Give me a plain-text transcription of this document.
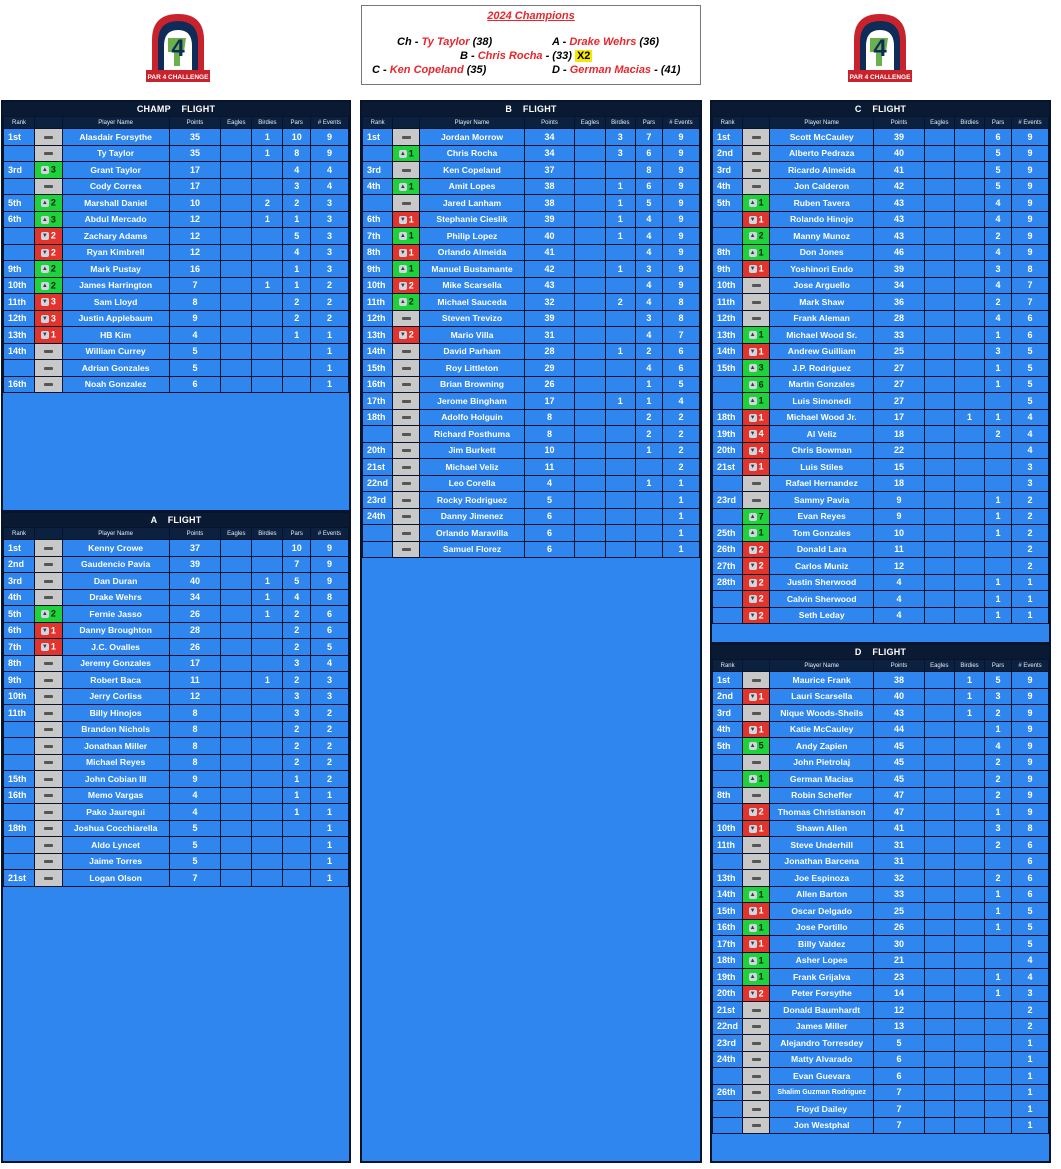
4
PAR 4 CHALLENGE
4
PAR 4 CHALLENGE
2024 Champions
Ch - Ty Taylor (38)	A - Drake Wehrs (36)
B - Chris Rocha - (33) X2
C - Ken Copeland (35)	D - German Macias - (41)
CHAMP    FLIGHT
Rank		Player Name	Points	Eagles	Birdies	Pars	# Events
1st		Alasdair Forsythe	35		1	10	9
		Ty Taylor	35		1	8	9
3rd	▲ 3	Grant Taylor	17			4	4
		Cody Correa	17			3	4
5th	▲ 2	Marshall Daniel	10		2	2	3
6th	▲ 3	Abdul Mercado	12		1	1	3
	▼ 2	Zachary Adams	12			5	3
	▼ 2	Ryan Kimbrell	12			4	3
9th	▲ 2	Mark Pustay	16			1	3
10th	▲ 2	James Harrington	7		1	1	2
11th	▼ 3	Sam Lloyd	8			2	2
12th	▼ 3	Justin Applebaum	9			2	2
13th	▼ 1	HB Kim	4			1	1
14th		William Currey	5				1
		Adrian Gonzales	5				1
16th		Noah Gonzalez	6				1
A    FLIGHT
Rank		Player Name	Points	Eagles	Birdies	Pars	# Events
1st		Kenny Crowe	37			10	9
2nd		Gaudencio Pavia	39			7	9
3rd		Dan Duran	40		1	5	9
4th		Drake Wehrs	34		1	4	8
5th	▲ 2	Fernie Jasso	26		1	2	6
6th	▼ 1	Danny Broughton	28			2	6
7th	▼ 1	J.C. Ovalles	26			2	5
8th		Jeremy Gonzales	17			3	4
9th		Robert Baca	11		1	2	3
10th		Jerry Corliss	12			3	3
11th		Billy Hinojos	8			3	2
		Brandon Nichols	8			2	2
		Jonathan Miller	8			2	2
		Michael Reyes	8			2	2
15th		John Cobian III	9			1	2
16th		Memo Vargas	4			1	1
		Pako Jauregui	4			1	1
18th		Joshua Cocchiarella	5				1
		Aldo Lyncet	5				1
		Jaime Torres	5				1
21st		Logan Olson	7				1
B    FLIGHT
Rank		Player Name	Points	Eagles	Birdies	Pars	# Events
1st		Jordan Morrow	34		3	7	9
	▲ 1	Chris Rocha	34		3	6	9
3rd		Ken Copeland	37			8	9
4th	▲ 1	Amit Lopes	38		1	6	9
		Jared Lanham	38		1	5	9
6th	▼ 1	Stephanie Cieslik	39		1	4	9
7th	▲ 1	Philip Lopez	40		1	4	9
8th	▼ 1	Orlando Almeida	41			4	9
9th	▲ 1	Manuel Bustamante	42		1	3	9
10th	▼ 2	Mike Scarsella	43			4	9
11th	▲ 2	Michael Sauceda	32		2	4	8
12th		Steven Trevizo	39			3	8
13th	▼ 2	Mario Villa	31			4	7
14th		David Parham	28		1	2	6
15th		Roy Littleton	29			4	6
16th		Brian Browning	26			1	5
17th		Jerome Bingham	17		1	1	4
18th		Adolfo Holguin	8			2	2
		Richard Posthuma	8			2	2
20th		Jim Burkett	10			1	2
21st		Michael Veliz	11				2
22nd		Leo Corella	4			1	1
23rd		Rocky Rodriguez	5				1
24th		Danny Jimenez	6				1
		Orlando Maravilla	6				1
		Samuel Florez	6				1
C    FLIGHT
Rank		Player Name	Points	Eagles	Birdies	Pars	# Events
1st		Scott McCauley	39			6	9
2nd		Alberto Pedraza	40			5	9
3rd		Ricardo Almeida	41			5	9
4th		Jon Calderon	42			5	9
5th	▲ 1	Ruben Tavera	43			4	9
	▼ 1	Rolando Hinojo	43			4	9
	▲ 2	Manny Munoz	43			2	9
8th	▲ 1	Don Jones	46			4	9
9th	▼ 1	Yoshinori Endo	39			3	8
10th		Jose Arguello	34			4	7
11th		Mark Shaw	36			2	7
12th		Frank Aleman	28			4	6
13th	▲ 1	Michael Wood Sr.	33			1	6
14th	▼ 1	Andrew Guilliam	25			3	5
15th	▲ 3	J.P. Rodriguez	27			1	5
	▲ 6	Martin Gonzales	27			1	5
	▲ 1	Luis Simonedi	27				5
18th	▼ 1	Michael Wood Jr.	17		1	1	4
19th	▼ 4	Al Veliz	18			2	4
20th	▼ 4	Chris Bowman	22				4
21st	▼ 1	Luis Stiles	15				3
		Rafael Hernandez	18				3
23rd		Sammy Pavia	9			1	2
	▲ 7	Evan Reyes	9			1	2
25th	▲ 1	Tom Gonzales	10			1	2
26th	▼ 2	Donald Lara	11				2
27th	▼ 2	Carlos Muniz	12				2
28th	▼ 2	Justin Sherwood	4			1	1
	▼ 2	Calvin Sherwood	4			1	1
	▼ 2	Seth Leday	4			1	1
D    FLIGHT
Rank		Player Name	Points	Eagles	Birdies	Pars	# Events
1st		Maurice Frank	38		1	5	9
2nd	▼ 1	Lauri Scarsella	40		1	3	9
3rd		Nique Woods-Sheils	43		1	2	9
4th	▼ 1	Katie McCauley	44			1	9
5th	▲ 5	Andy Zapien	45			4	9
		John Pietrolaj	45			2	9
	▲ 1	German Macias	45			2	9
8th		Robin Scheffer	47			2	9
	▼ 2	Thomas Christianson	47			1	9
10th	▼ 1	Shawn Allen	41			3	8
11th		Steve Underhill	31			2	6
		Jonathan Barcena	31				6
13th		Joe Espinoza	32			2	6
14th	▲ 1	Allen Barton	33			1	6
15th	▼ 1	Oscar Delgado	25			1	5
16th	▲ 1	Jose Portillo	26			1	5
17th	▼ 1	Billy Valdez	30				5
18th	▲ 1	Asher Lopes	21				4
19th	▲ 1	Frank Grijalva	23			1	4
20th	▼ 2	Peter Forsythe	14			1	3
21st		Donald Baumhardt	12				2
22nd		James Miller	13				2
23rd		Alejandro Torresdey	5				1
24th		Matty Alvarado	6				1
		Evan Guevara	6				1
26th		Shalim Guzman Rodriguez	7				1
		Floyd Dailey	7				1
		Jon Westphal	7				1
